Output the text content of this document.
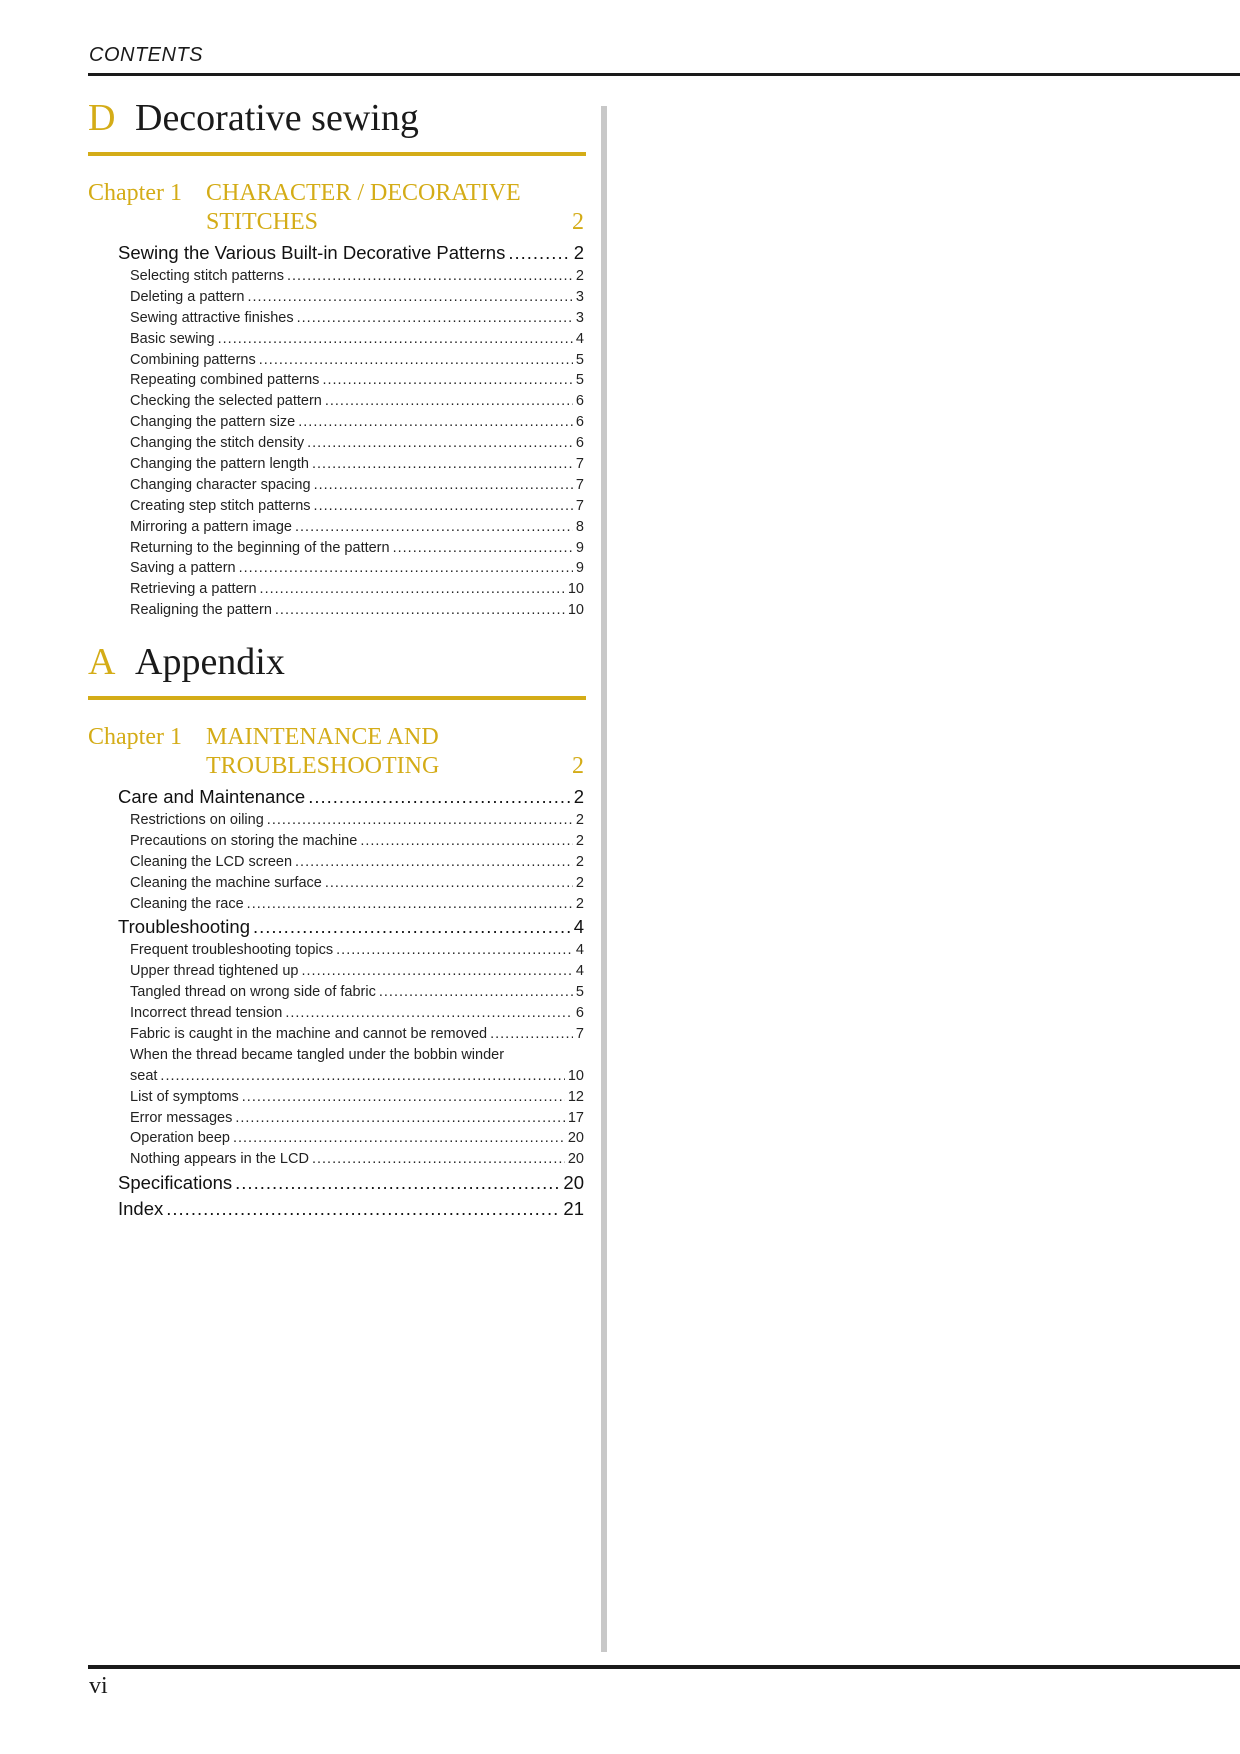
CONTENTS
D Decorative sewing
Chapter 1 CHARACTER / DECORATIVE
STITCHES	2
Sewing the Various Built-in Decorative Patterns .....	2
Selecting stitch patterns .....	2
Deleting a pattern .....	3
Sewing attractive finishes .....	3
Basic sewing .....	4
Combining patterns .....	5
Repeating combined patterns .....	5
Checking the selected pattern .....	6
Changing the pattern size .....	6
Changing the stitch density .....	6
Changing the pattern length .....	7
Changing character spacing .....	7
Creating step stitch patterns .....	7
Mirroring a pattern image .....	8
Returning to the beginning of the pattern .....	9
Saving a pattern .....	9
Retrieving a pattern .....	10
Realigning the pattern .....	10
A Appendix
Chapter 1 MAINTENANCE AND
TROUBLESHOOTING	2
Care and Maintenance .....	2
Restrictions on oiling .....	2
Precautions on storing the machine .....	2
Cleaning the LCD screen .....	2
Cleaning the machine surface .....	2
Cleaning the race .....	2
Troubleshooting .....	4
Frequent troubleshooting topics .....	4
Upper thread tightened up .....	4
Tangled thread on wrong side of fabric .....	5
Incorrect thread tension .....	6
Fabric is caught in the machine and cannot be removed .....	7
When the thread became tangled under the bobbin winder
seat .....	10
List of symptoms .....	12
Error messages .....	17
Operation beep .....	20
Nothing appears in the LCD .....	20
Specifications .....	20
Index .....	21
vi
